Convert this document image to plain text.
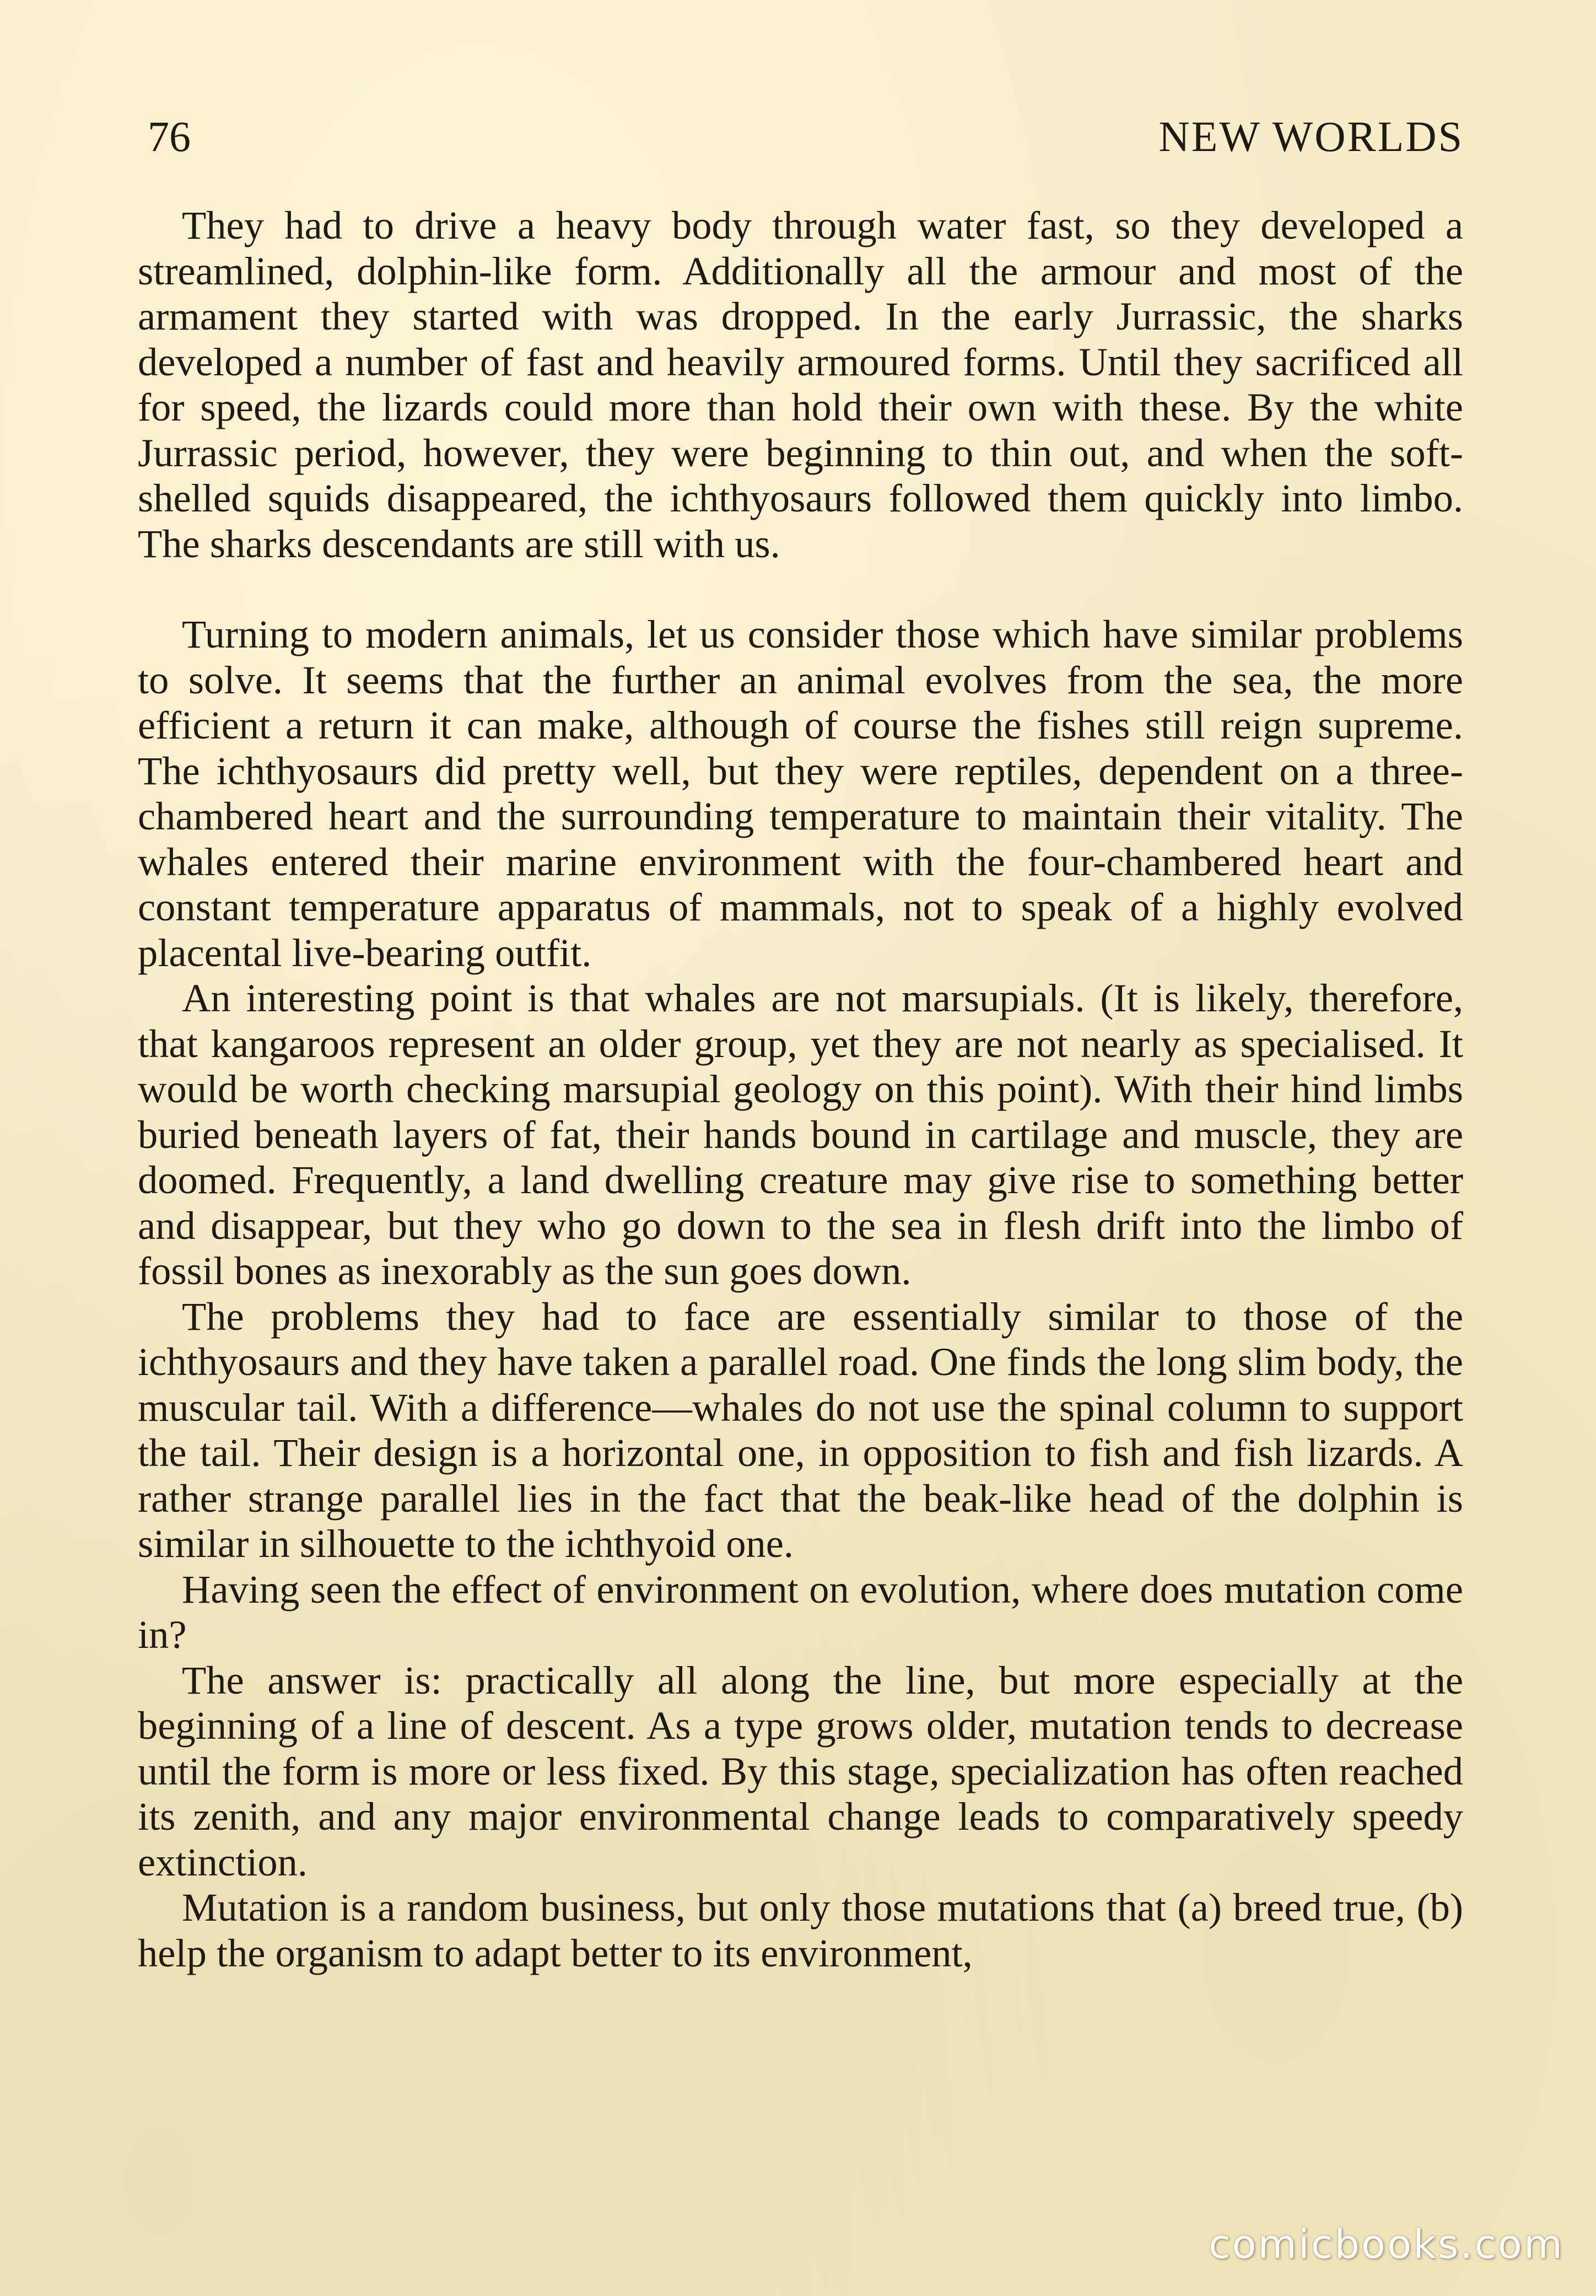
76	NEW WORLDS

They had to drive a heavy body through water fast, so they developed a streamlined, dolphin-like form. Additionally all the armour and most of the armament they started with was dropped. In the early Jurrassic, the sharks developed a number of fast and heavily armoured forms. Until they sacrificed all for speed, the lizards could more than hold their own with these. By the white Jurrassic period, however, they were beginning to thin out, and when the soft-shelled squids disappeared, the ichthyosaurs followed them quickly into limbo. The sharks descendants are still with us.

Turning to modern animals, let us consider those which have similar problems to solve. It seems that the further an animal evolves from the sea, the more efficient a return it can make, although of course the fishes still reign supreme. The ichthyosaurs did pretty well, but they were reptiles, dependent on a three-chambered heart and the surrounding temperature to maintain their vitality. The whales entered their marine environment with the four-chambered heart and constant temperature apparatus of mammals, not to speak of a highly evolved placental live-bearing outfit.

An interesting point is that whales are not marsupials. (It is likely, therefore, that kangaroos represent an older group, yet they are not nearly as specialised. It would be worth checking marsupial geology on this point). With their hind limbs buried beneath layers of fat, their hands bound in cartilage and muscle, they are doomed. Frequently, a land dwelling creature may give rise to something better and disappear, but they who go down to the sea in flesh drift into the limbo of fossil bones as inexorably as the sun goes down.

The problems they had to face are essentially similar to those of the ichthyosaurs and they have taken a parallel road. One finds the long slim body, the muscular tail. With a difference—whales do not use the spinal column to support the tail. Their design is a horizontal one, in opposition to fish and fish lizards. A rather strange parallel lies in the fact that the beak-like head of the dolphin is similar in silhouette to the ichthyoid one.

Having seen the effect of environment on evolution, where does mutation come in?

The answer is: practically all along the line, but more especially at the beginning of a line of descent. As a type grows older, mutation tends to decrease until the form is more or less fixed. By this stage, specialization has often reached its zenith, and any major environmental change leads to comparatively speedy extinction.

Mutation is a random business, but only those mutations that (a) breed true, (b) help the organism to adapt better to its environment,

comicbooks.com
